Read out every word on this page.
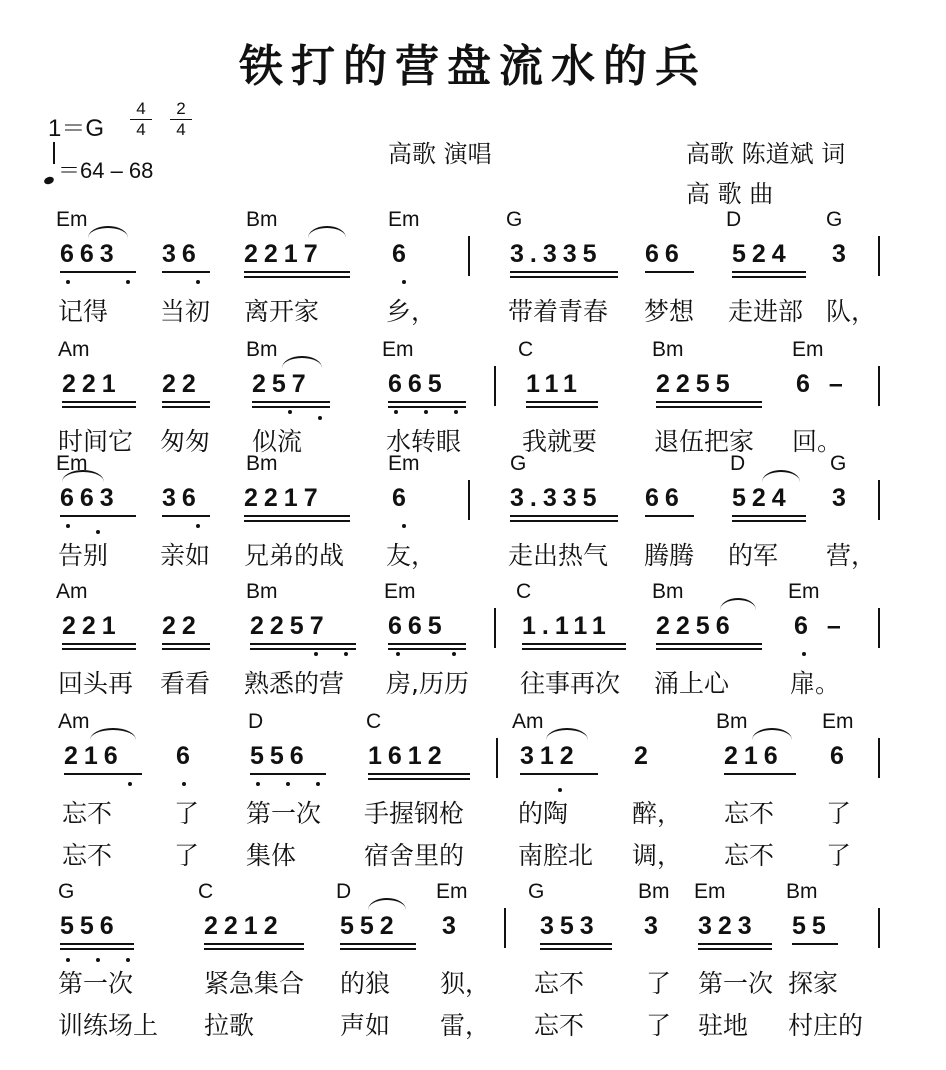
铁打的营盘流水的兵
1＝G
4
4
2
4
＝64 – 68
高歌 演唱	高歌 陈道斌 词
高 歌 曲
Em	Bm	Em	G	D	G
663 36 2217	6	3.335 66 524 3
记得 当初 离开家	乡，	带着青春 梦想 走进部 队，
Am	Bm	Em	C	Bm	Em
221 22 257	665	111	2255 6 –
时间它 匆匆 似流	水转眼 我就要 退伍把家 回。
Em	Bm	Em	G	D	G
663 36 2217	6	3.335 66 524 3
告别 亲如 兄弟的战 友，	走出热气 腾腾 的军 营，
Am	Bm	Em	C	Bm	Em
221 22 2257 665	1.111 2256 6 –
回头再 看看 熟悉的营 房,历历 往事再次 涌上心 扉。
Am	D	C	Am	Bm	Em
216 6 556 1612	312 2	216 6
忘不 了 第一次 手握钢枪 的陶	醉， 忘不 了
忘不 了 集体	宿舍里的 南腔北 调， 忘不 了
G	C	D	Em	G	Bm Em	Bm
556	2212 552 3	353 3 323 55
第一次	紧急集合 的狼 狈， 忘不 了 第一次 探家
训练场上 拉歌	声如 雷， 忘不 了 驻地 村庄的
